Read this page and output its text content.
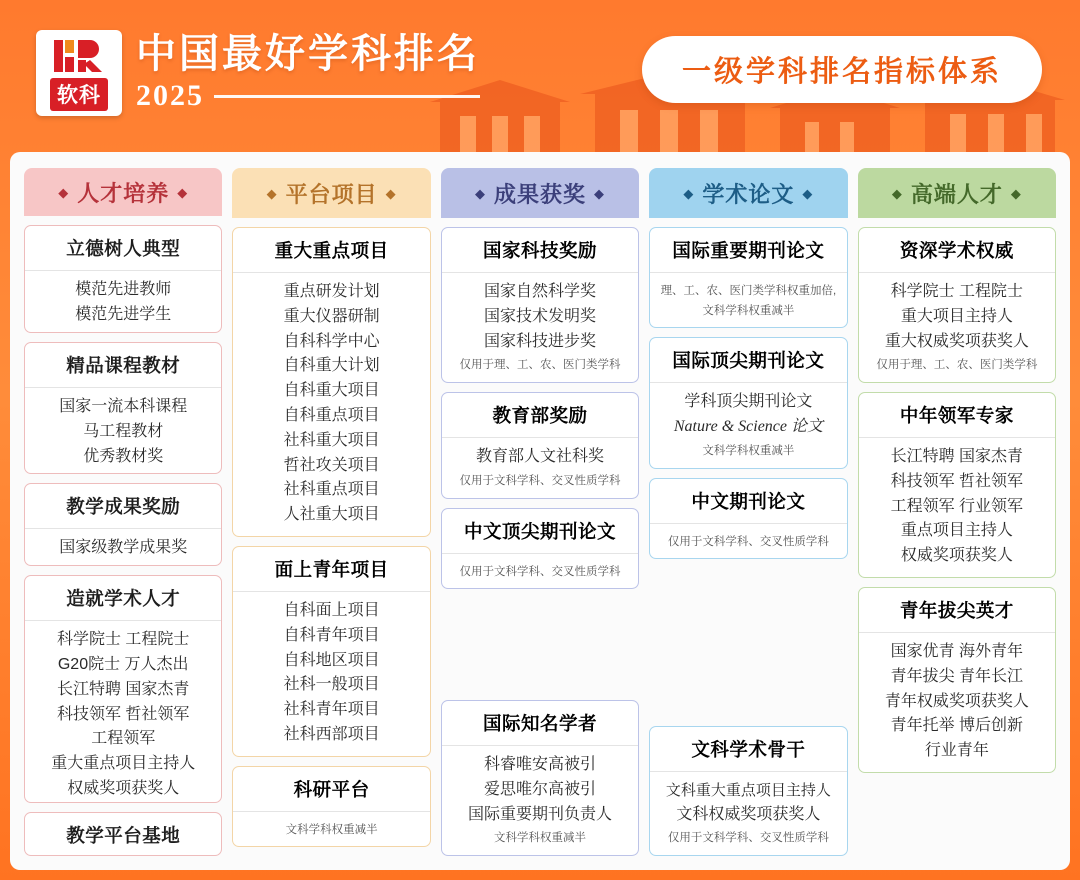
软科
中国最好学科排名
2025
一级学科排名指标体系
◆ 人才培养 ◆
立德树人典型
模范先进教师
模范先进学生
精品课程教材
国家一流本科课程
马工程教材
优秀教材奖
教学成果奖励
国家级教学成果奖
造就学术人才
科学院士 工程院士
G20院士 万人杰出
长江特聘 国家杰青
科技领军 哲社领军
工程领军
重大重点项目主持人
权威奖项获奖人
教学平台基地
◆ 平台项目 ◆
重大重点项目
重点研发计划
重大仪器研制
自科科学中心
自科重大计划
自科重大项目
自科重点项目
社科重大项目
哲社攻关项目
社科重点项目
人社重大项目
面上青年项目
自科面上项目
自科青年项目
自科地区项目
社科一般项目
社科青年项目
社科西部项目
科研平台
文科学科权重减半
◆ 成果获奖 ◆
国家科技奖励
国家自然科学奖
国家技术发明奖
国家科技进步奖
仅用于理、工、农、医门类学科
教育部奖励
教育部人文社科奖
仅用于文科学科、交叉性质学科
中文顶尖期刊论文
仅用于文科学科、交叉性质学科
国际知名学者
科睿唯安高被引
爱思唯尔高被引
国际重要期刊负责人
文科学科权重减半
◆ 学术论文 ◆
国际重要期刊论文
理、工、农、医门类学科权重加倍,
文科学科权重减半
国际顶尖期刊论文
学科顶尖期刊论文
Nature & Science 论文
文科学科权重减半
中文期刊论文
仅用于文科学科、交叉性质学科
文科学术骨干
文科重大重点项目主持人
文科权威奖项获奖人
仅用于文科学科、交叉性质学科
◆ 高端人才 ◆
资深学术权威
科学院士 工程院士
重大项目主持人
重大权威奖项获奖人
仅用于理、工、农、医门类学科
中年领军专家
长江特聘 国家杰青
科技领军 哲社领军
工程领军 行业领军
重点项目主持人
权威奖项获奖人
青年拔尖英才
国家优青 海外青年
青年拔尖 青年长江
青年权威奖项获奖人
青年托举 博后创新
行业青年
